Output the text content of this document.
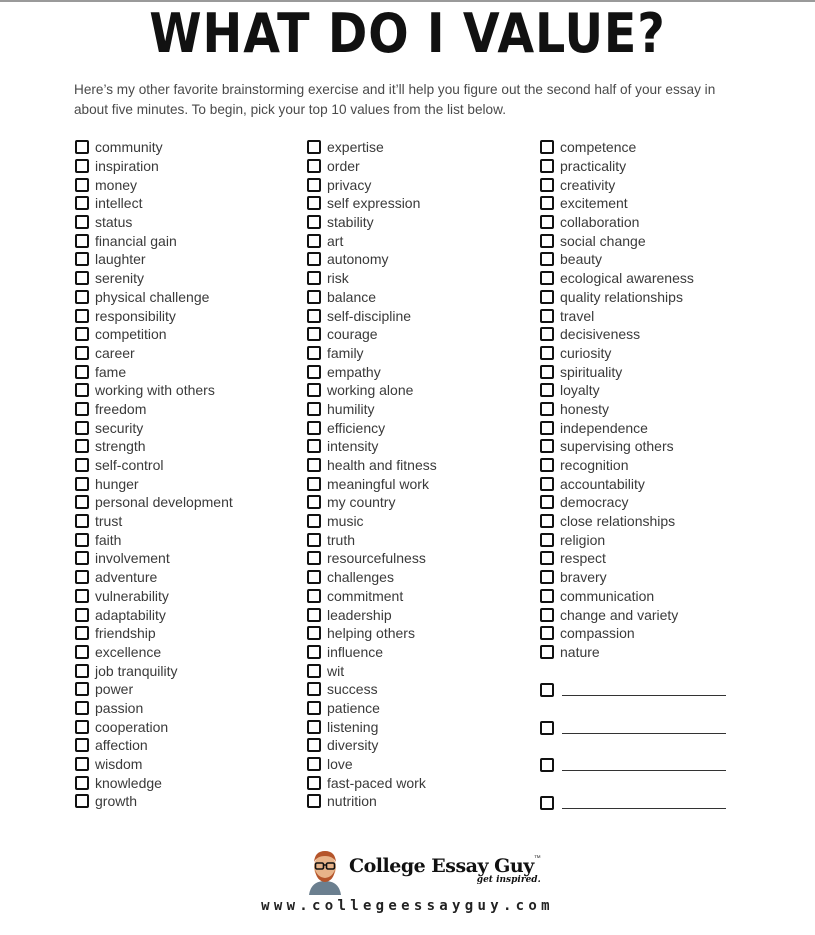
WHAT DO I VALUE?
Here’s my other favorite brainstorming exercise and it’ll help you figure out the second half of your essay in about five minutes. To begin, pick your top 10 values from the list below.
community
inspiration
money
intellect
status
financial gain
laughter
serenity
physical challenge
responsibility
competition
career
fame
working with others
freedom
security
strength
self-control
hunger
personal development
trust
faith
involvement
adventure
vulnerability
adaptability
friendship
excellence
job tranquility
power
passion
cooperation
affection
wisdom
knowledge
growth
expertise
order
privacy
self expression
stability
art
autonomy
risk
balance
self-discipline
courage
family
empathy
working alone
humility
efficiency
intensity
health and fitness
meaningful work
my country
music
truth
resourcefulness
challenges
commitment
leadership
helping others
influence
wit
success
patience
listening
diversity
love
fast-paced work
nutrition
competence
practicality
creativity
excitement
collaboration
social change
beauty
ecological awareness
quality relationships
travel
decisiveness
curiosity
spirituality
loyalty
honesty
independence
supervising others
recognition
accountability
democracy
close relationships
religion
respect
bravery
communication
change and variety
compassion
nature
College Essay Guy™
get inspired.
www.collegeessayguy.com
